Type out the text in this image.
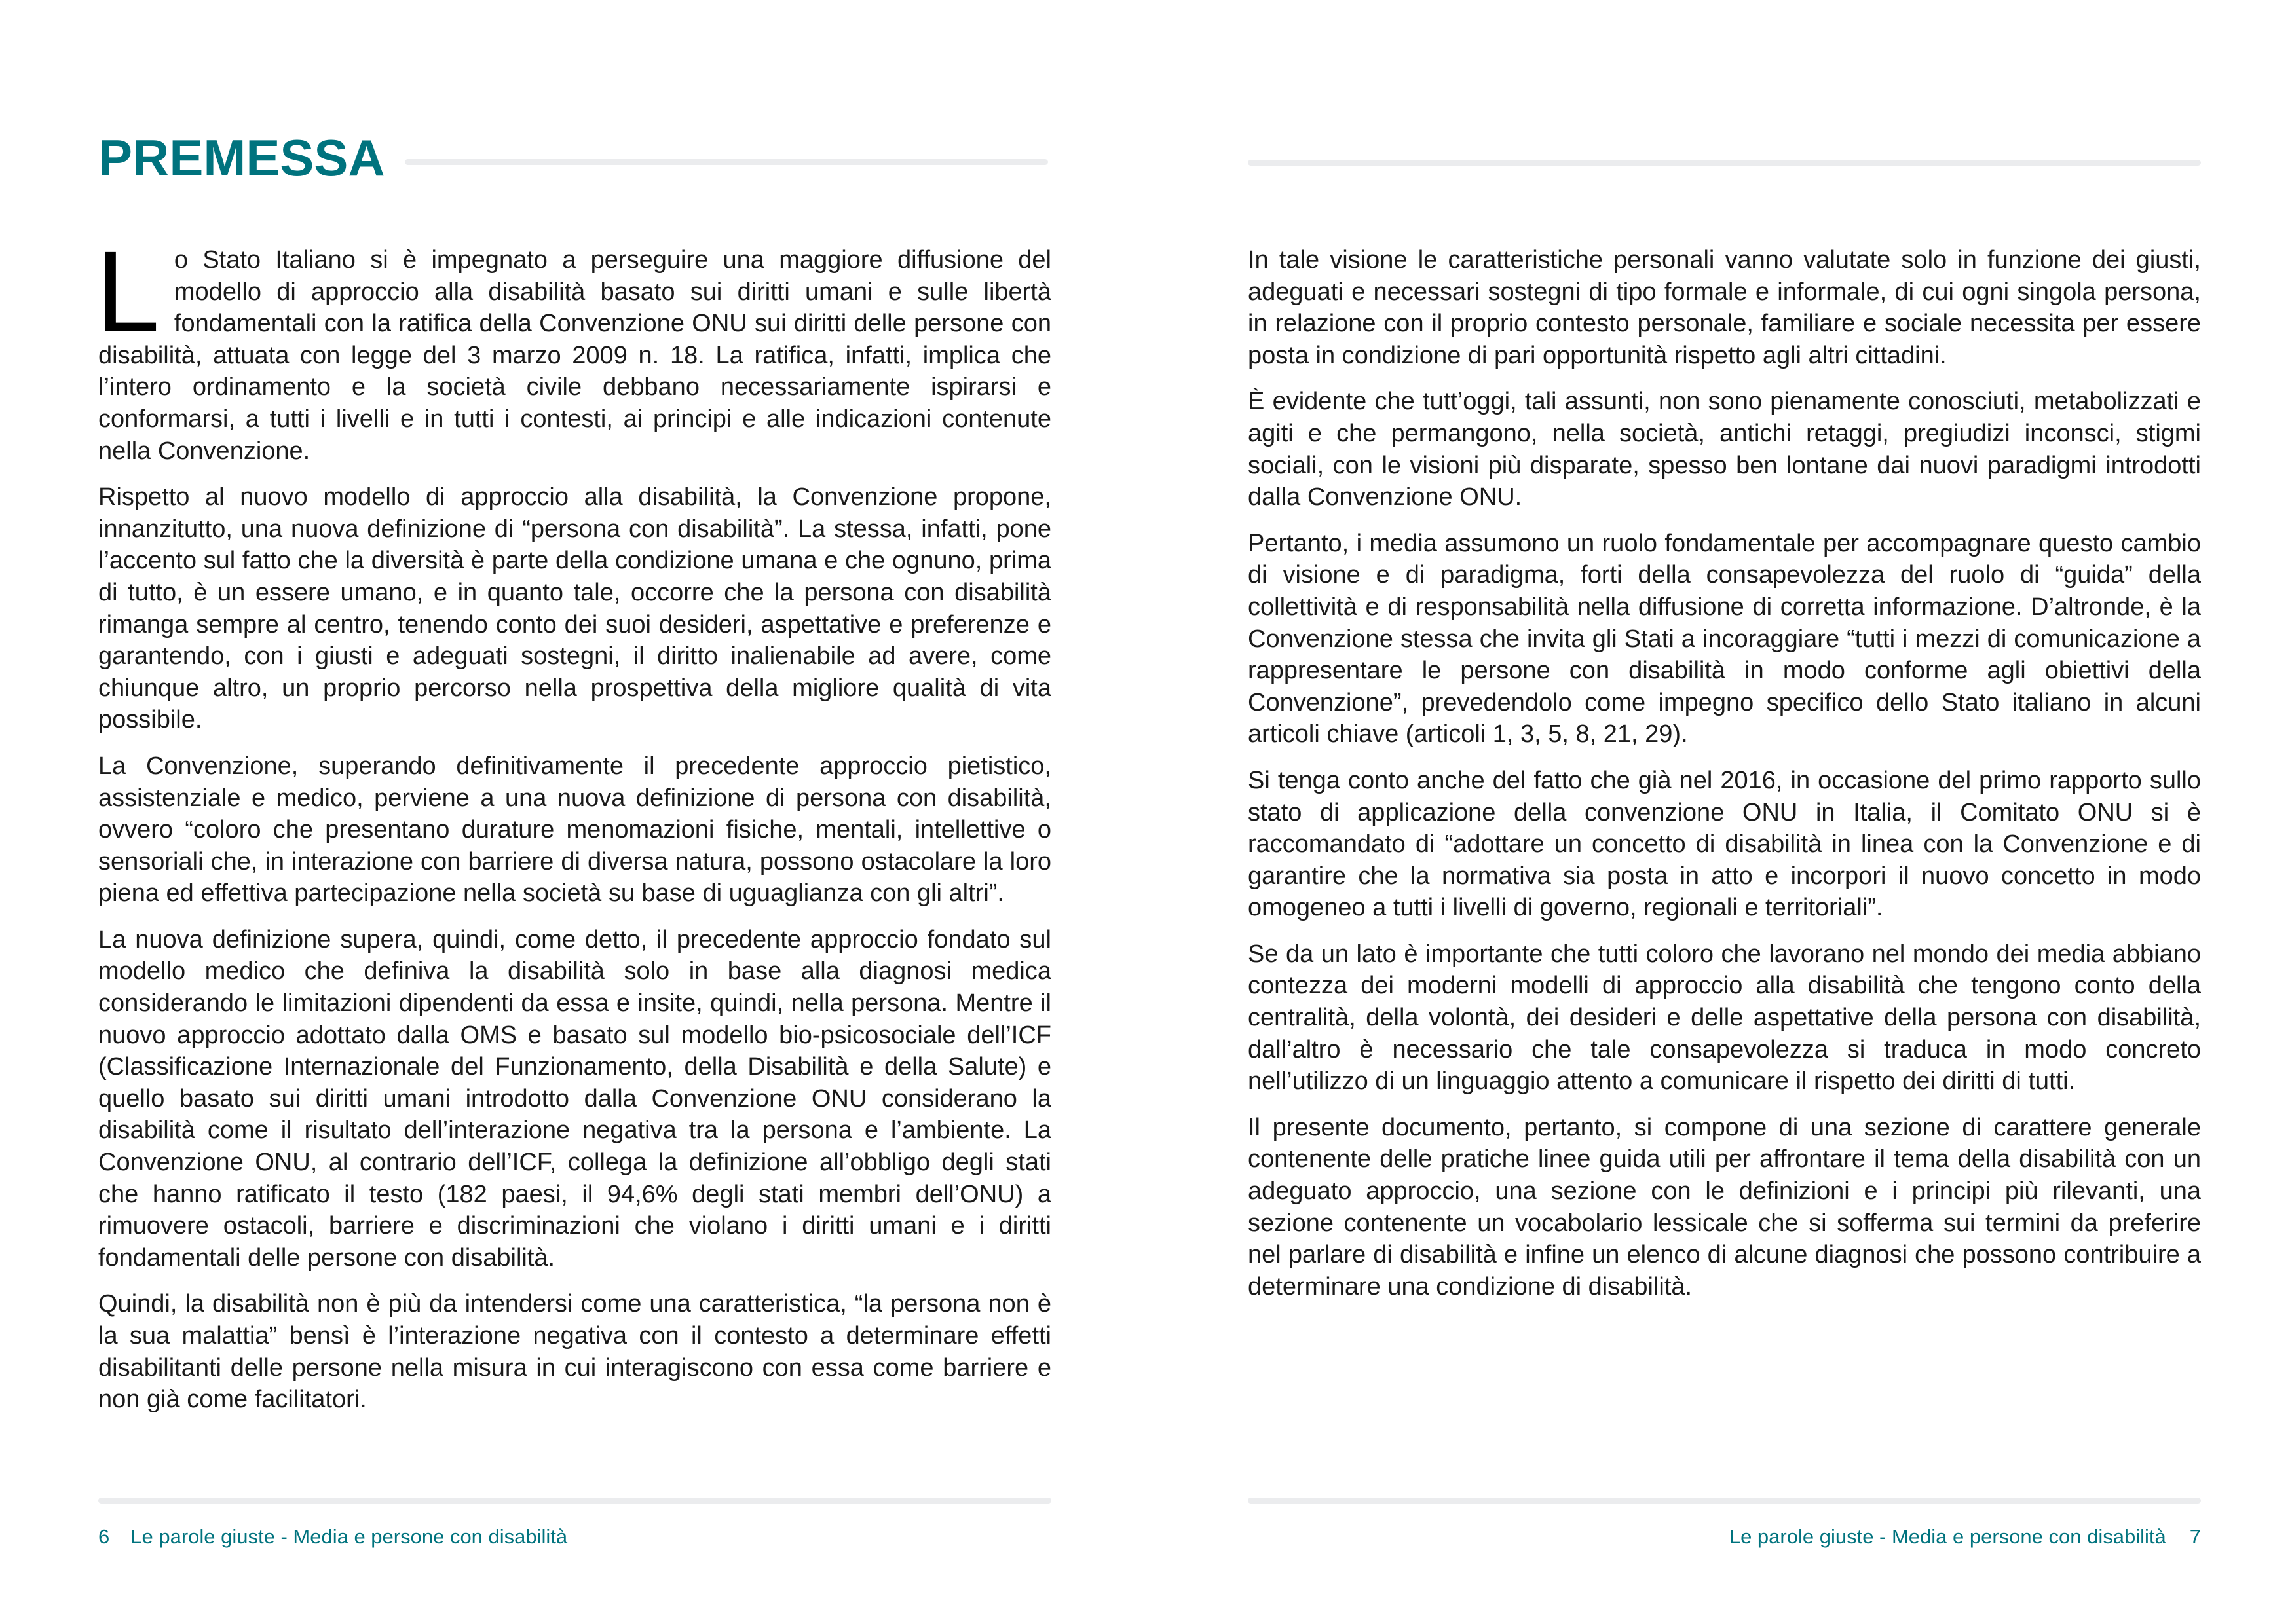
PREMESSA

Lo Stato Italiano si è impegnato a perseguire una maggiore diffusione del modello di approccio alla disabilità basato sui diritti umani e sulle libertà fondamentali con la ratifica della Convenzione ONU sui diritti delle persone con disabilità, attuata con legge del 3 marzo 2009 n. 18. La ratifica, infatti, implica che l’intero ordinamento e la società civile debbano necessariamente ispirarsi e conformarsi, a tutti i livelli e in tutti i contesti, ai principi e alle indicazioni contenute nella Convenzione.

Rispetto al nuovo modello di approccio alla disabilità, la Convenzione propone, innanzitutto, una nuova definizione di “persona con disabilità”. La stessa, infatti, pone l’accento sul fatto che la diversità è parte della condizione umana e che ognuno, prima di tutto, è un essere umano, e in quanto tale, occorre che la persona con disabilità rimanga sempre al centro, tenendo conto dei suoi desideri, aspettative e preferenze e garantendo, con i giusti e adeguati sostegni, il diritto inalienabile ad avere, come chiunque altro, un proprio percorso nella prospettiva della migliore qualità di vita possibile.

La Convenzione, superando definitivamente il precedente approccio pietistico, assistenziale e medico, perviene a una nuova definizione di persona con disabilità, ovvero “coloro che presentano durature menomazioni fisiche, mentali, intellettive o sensoriali che, in interazione con barriere di diversa natura, possono ostacolare la loro piena ed effettiva partecipazione nella società su base di uguaglianza con gli altri”.

La nuova definizione supera, quindi, come detto, il precedente approccio fondato sul modello medico che definiva la disabilità solo in base alla diagnosi medica considerando le limitazioni dipendenti da essa e insite, quindi, nella persona. Mentre il nuovo approccio adottato dalla OMS e basato sul modello bio-psicosociale dell’ICF (Classificazione Internazionale del Funzionamento, della Disabilità e della Salute) e quello basato sui diritti umani introdotto dalla Convenzione ONU considerano la disabilità come il risultato dell’interazione negativa tra la persona e l’ambiente. La Convenzione ONU, al contrario dell’ICF, collega la definizione all’obbligo degli stati che hanno ratificato il testo (182 paesi, il 94,6% degli stati membri dell’ONU) a rimuovere ostacoli, barriere e discriminazioni che violano i diritti umani e i diritti fondamentali delle persone con disabilità.

Quindi, la disabilità non è più da intendersi come una caratteristica, “la persona non è la sua malattia” bensì è l’interazione negativa con il contesto a determinare effetti disabilitanti delle persone nella misura in cui interagiscono con essa come barriere e non già come facilitatori.

In tale visione le caratteristiche personali vanno valutate solo in funzione dei giusti, adeguati e necessari sostegni di tipo formale e informale, di cui ogni singola persona, in relazione con il proprio contesto personale, familiare e sociale necessita per essere posta in condizione di pari opportunità rispetto agli altri cittadini.

È evidente che tutt’oggi, tali assunti, non sono pienamente conosciuti, metabolizzati e agiti e che permangono, nella società, antichi retaggi, pregiudizi inconsci, stigmi sociali, con le visioni più disparate, spesso ben lontane dai nuovi paradigmi introdotti dalla Convenzione ONU.

Pertanto, i media assumono un ruolo fondamentale per accompagnare questo cambio di visione e di paradigma, forti della consapevolezza del ruolo di “guida” della collettività e di responsabilità nella diffusione di corretta informazione. D’altronde, è la Convenzione stessa che invita gli Stati a incoraggiare “tutti i mezzi di comunicazione a rappresentare le persone con disabilità in modo conforme agli obiettivi della Convenzione”, prevedendolo come impegno specifico dello Stato italiano in alcuni articoli chiave (articoli 1, 3, 5, 8, 21, 29).

Si tenga conto anche del fatto che già nel 2016, in occasione del primo rapporto sullo stato di applicazione della convenzione ONU in Italia, il Comitato ONU si è raccomandato di “adottare un concetto di disabilità in linea con la Convenzione e di garantire che la normativa sia posta in atto e incorpori il nuovo concetto in modo omogeneo a tutti i livelli di governo, regionali e territoriali”.

Se da un lato è importante che tutti coloro che lavorano nel mondo dei media abbiano contezza dei moderni modelli di approccio alla disabilità che tengono conto della centralità, della volontà, dei desideri e delle aspettative della persona con disabilità, dall’altro è necessario che tale consapevolezza si traduca in modo concreto nell’utilizzo di un linguaggio attento a comunicare il rispetto dei diritti di tutti.

Il presente documento, pertanto, si compone di una sezione di carattere generale contenente delle pratiche linee guida utili per affrontare il tema della disabilità con un adeguato approccio, una sezione con le definizioni e i principi più rilevanti, una sezione contenente un vocabolario lessicale che si sofferma sui termini da preferire nel parlare di disabilità e infine un elenco di alcune diagnosi che possono contribuire a determinare una condizione di disabilità.

6 Le parole giuste - Media e persone con disabilità	Le parole giuste - Media e persone con disabilità 7
